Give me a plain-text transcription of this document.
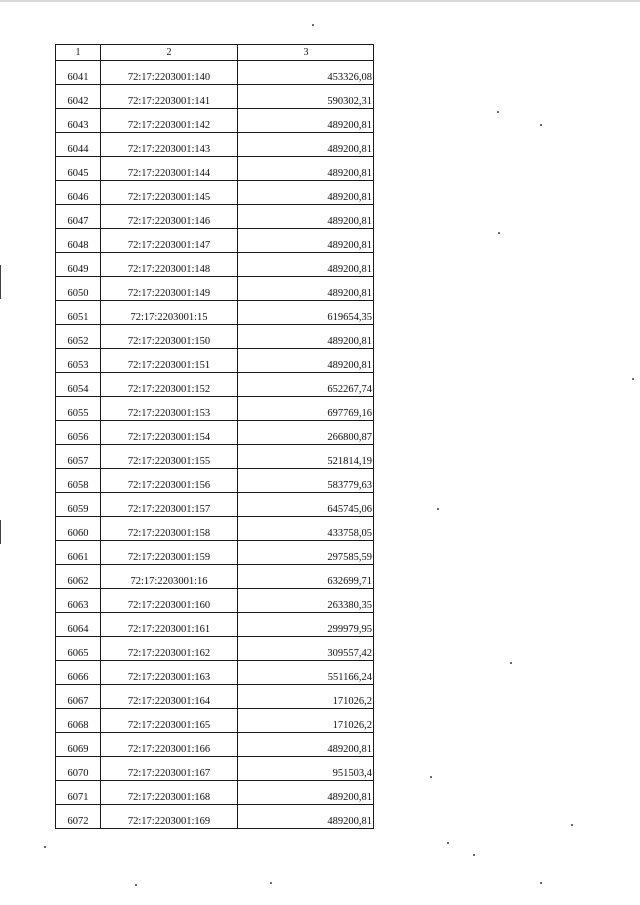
1	2	3
6041	72:17:2203001:140	453326,08
6042	72:17:2203001:141	590302,31
6043	72:17:2203001:142	489200,81
6044	72:17:2203001:143	489200,81
6045	72:17:2203001:144	489200,81
6046	72:17:2203001:145	489200,81
6047	72:17:2203001:146	489200,81
6048	72:17:2203001:147	489200,81
6049	72:17:2203001:148	489200,81
6050	72:17:2203001:149	489200,81
6051	72:17:2203001:15	619654,35
6052	72:17:2203001:150	489200,81
6053	72:17:2203001:151	489200,81
6054	72:17:2203001:152	652267,74
6055	72:17:2203001:153	697769,16
6056	72:17:2203001:154	266800,87
6057	72:17:2203001:155	521814,19
6058	72:17:2203001:156	583779,63
6059	72:17:2203001:157	645745,06
6060	72:17:2203001:158	433758,05
6061	72:17:2203001:159	297585,59
6062	72:17:2203001:16	632699,71
6063	72:17:2203001:160	263380,35
6064	72:17:2203001:161	299979,95
6065	72:17:2203001:162	309557,42
6066	72:17:2203001:163	551166,24
6067	72:17:2203001:164	171026,2
6068	72:17:2203001:165	171026,2
6069	72:17:2203001:166	489200,81
6070	72:17:2203001:167	951503,4
6071	72:17:2203001:168	489200,81
6072	72:17:2203001:169	489200,81
